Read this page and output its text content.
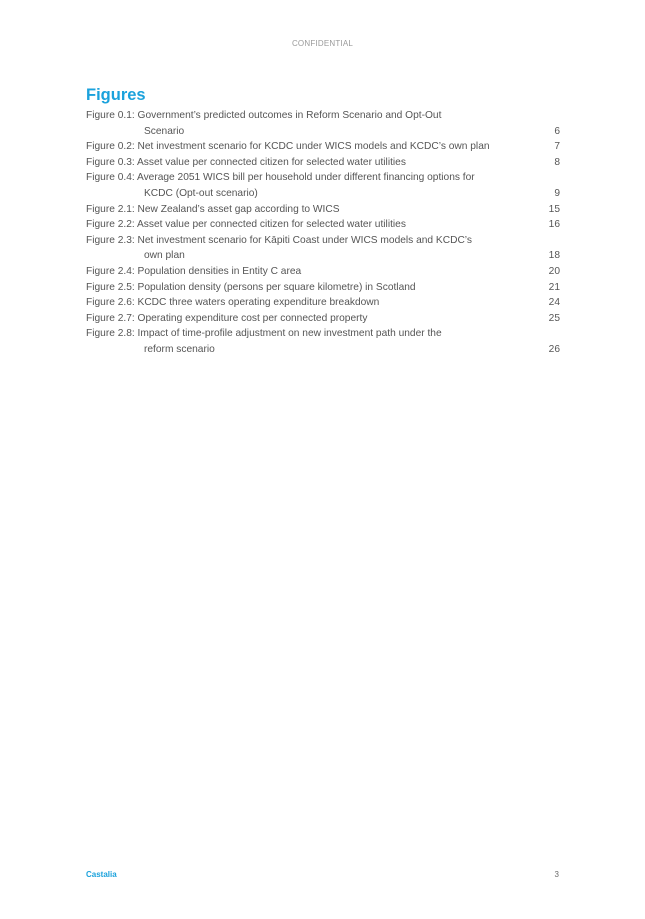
CONFIDENTIAL
Figures
Figure 0.1: Government’s predicted outcomes in Reform Scenario and Opt-Out
Scenario	6
Figure 0.2: Net investment scenario for KCDC under WICS models and KCDC’s own plan	7
Figure 0.3: Asset value per connected citizen for selected water utilities	8
Figure 0.4: Average 2051 WICS bill per household under different financing options for
KCDC (Opt-out scenario)	9
Figure 2.1: New Zealand’s asset gap according to WICS	15
Figure 2.2: Asset value per connected citizen for selected water utilities	16
Figure 2.3: Net investment scenario for Kāpiti Coast under WICS models and KCDC’s
own plan	18
Figure 2.4: Population densities in Entity C area	20
Figure 2.5: Population density (persons per square kilometre) in Scotland	21
Figure 2.6: KCDC three waters operating expenditure breakdown	24
Figure 2.7: Operating expenditure cost per connected property	25
Figure 2.8: Impact of time-profile adjustment on new investment path under the
reform scenario	26
Castalia	3
